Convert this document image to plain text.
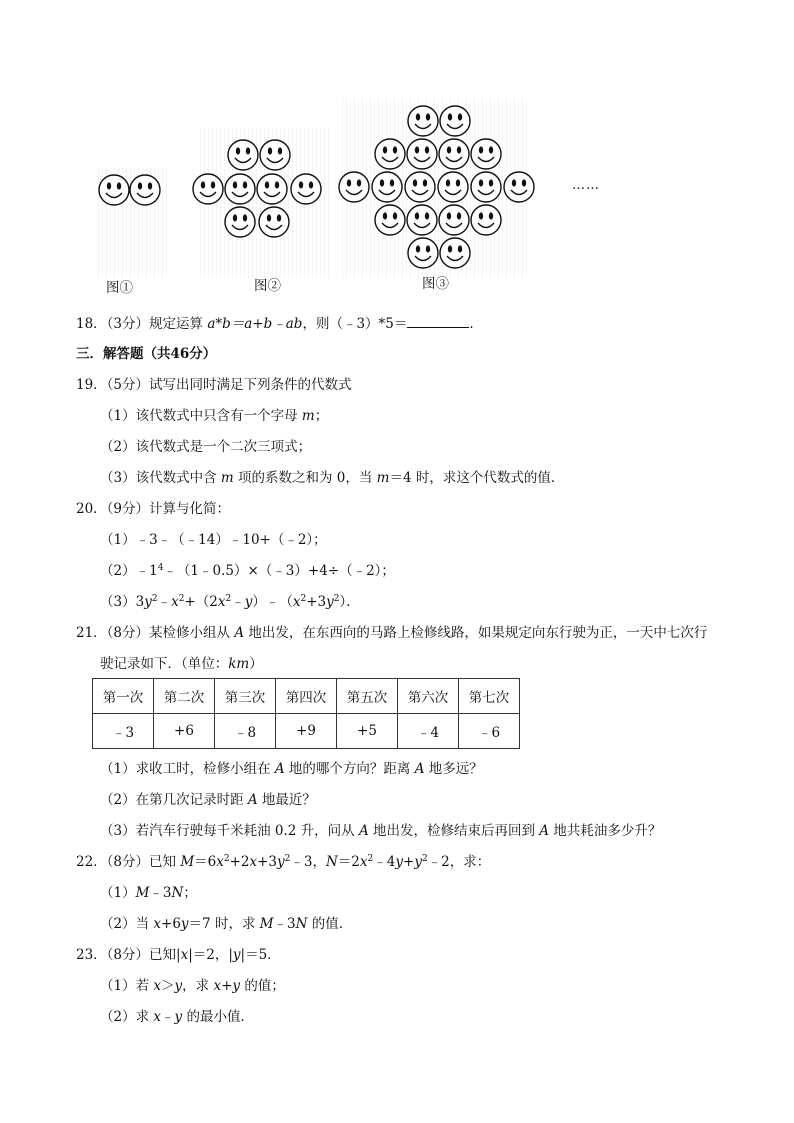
……
图①	图②	图③
18．（3分）规定运算 a*b＝a+b﹣ab，则（﹣3）*5＝	．
三．解答题（共46分）
19．（5分）试写出同时满足下列条件的代数式
（1）该代数式中只含有一个字母 m；
（2）该代数式是一个二次三项式；
（3）该代数式中含 m 项的系数之和为 0，当 m＝4 时，求这个代数式的值．
20．（9分）计算与化简：
（1）﹣3﹣（﹣14）﹣10+（﹣2）；
$(2)﹣1^4﹣(1﹣0.5)\times(﹣3)+4\div(﹣2)$；
$(3)3y^2﹣x^2+(2x^2﹣y)﹣(x^2+3y^2)$．
21．（8分）某检修小组从 A 地出发，在东西向的马路上检修线路，如果规定向东行驶为正，一天中七次行
驶记录如下．（单位：km）
第一次	第二次	第三次	第四次	第五次	第六次	第七次
﹣3	+6	﹣8	+9	+5	﹣4	﹣6
（1）求收工时，检修小组在 A 地的哪个方向？距离 A 地多远？
（2）在第几次记录时距 A 地最近？
（3）若汽车行驶每千米耗油 0.2 升，问从 A 地出发，检修结束后再回到 A 地共耗油多少升？
22．（8分）已知 $M=6x^2+2x+3y^2﹣3$，$N=2x^2﹣4y+y^2﹣2$，求：
（1）M﹣3N；
（2）当 x+6y＝7 时，求 M﹣3N 的值．
23．（8分）已知|x|＝2，|y|＝5．
（1）若 x＞y，求 x+y 的值；
（2）求 x﹣y 的最小值．
